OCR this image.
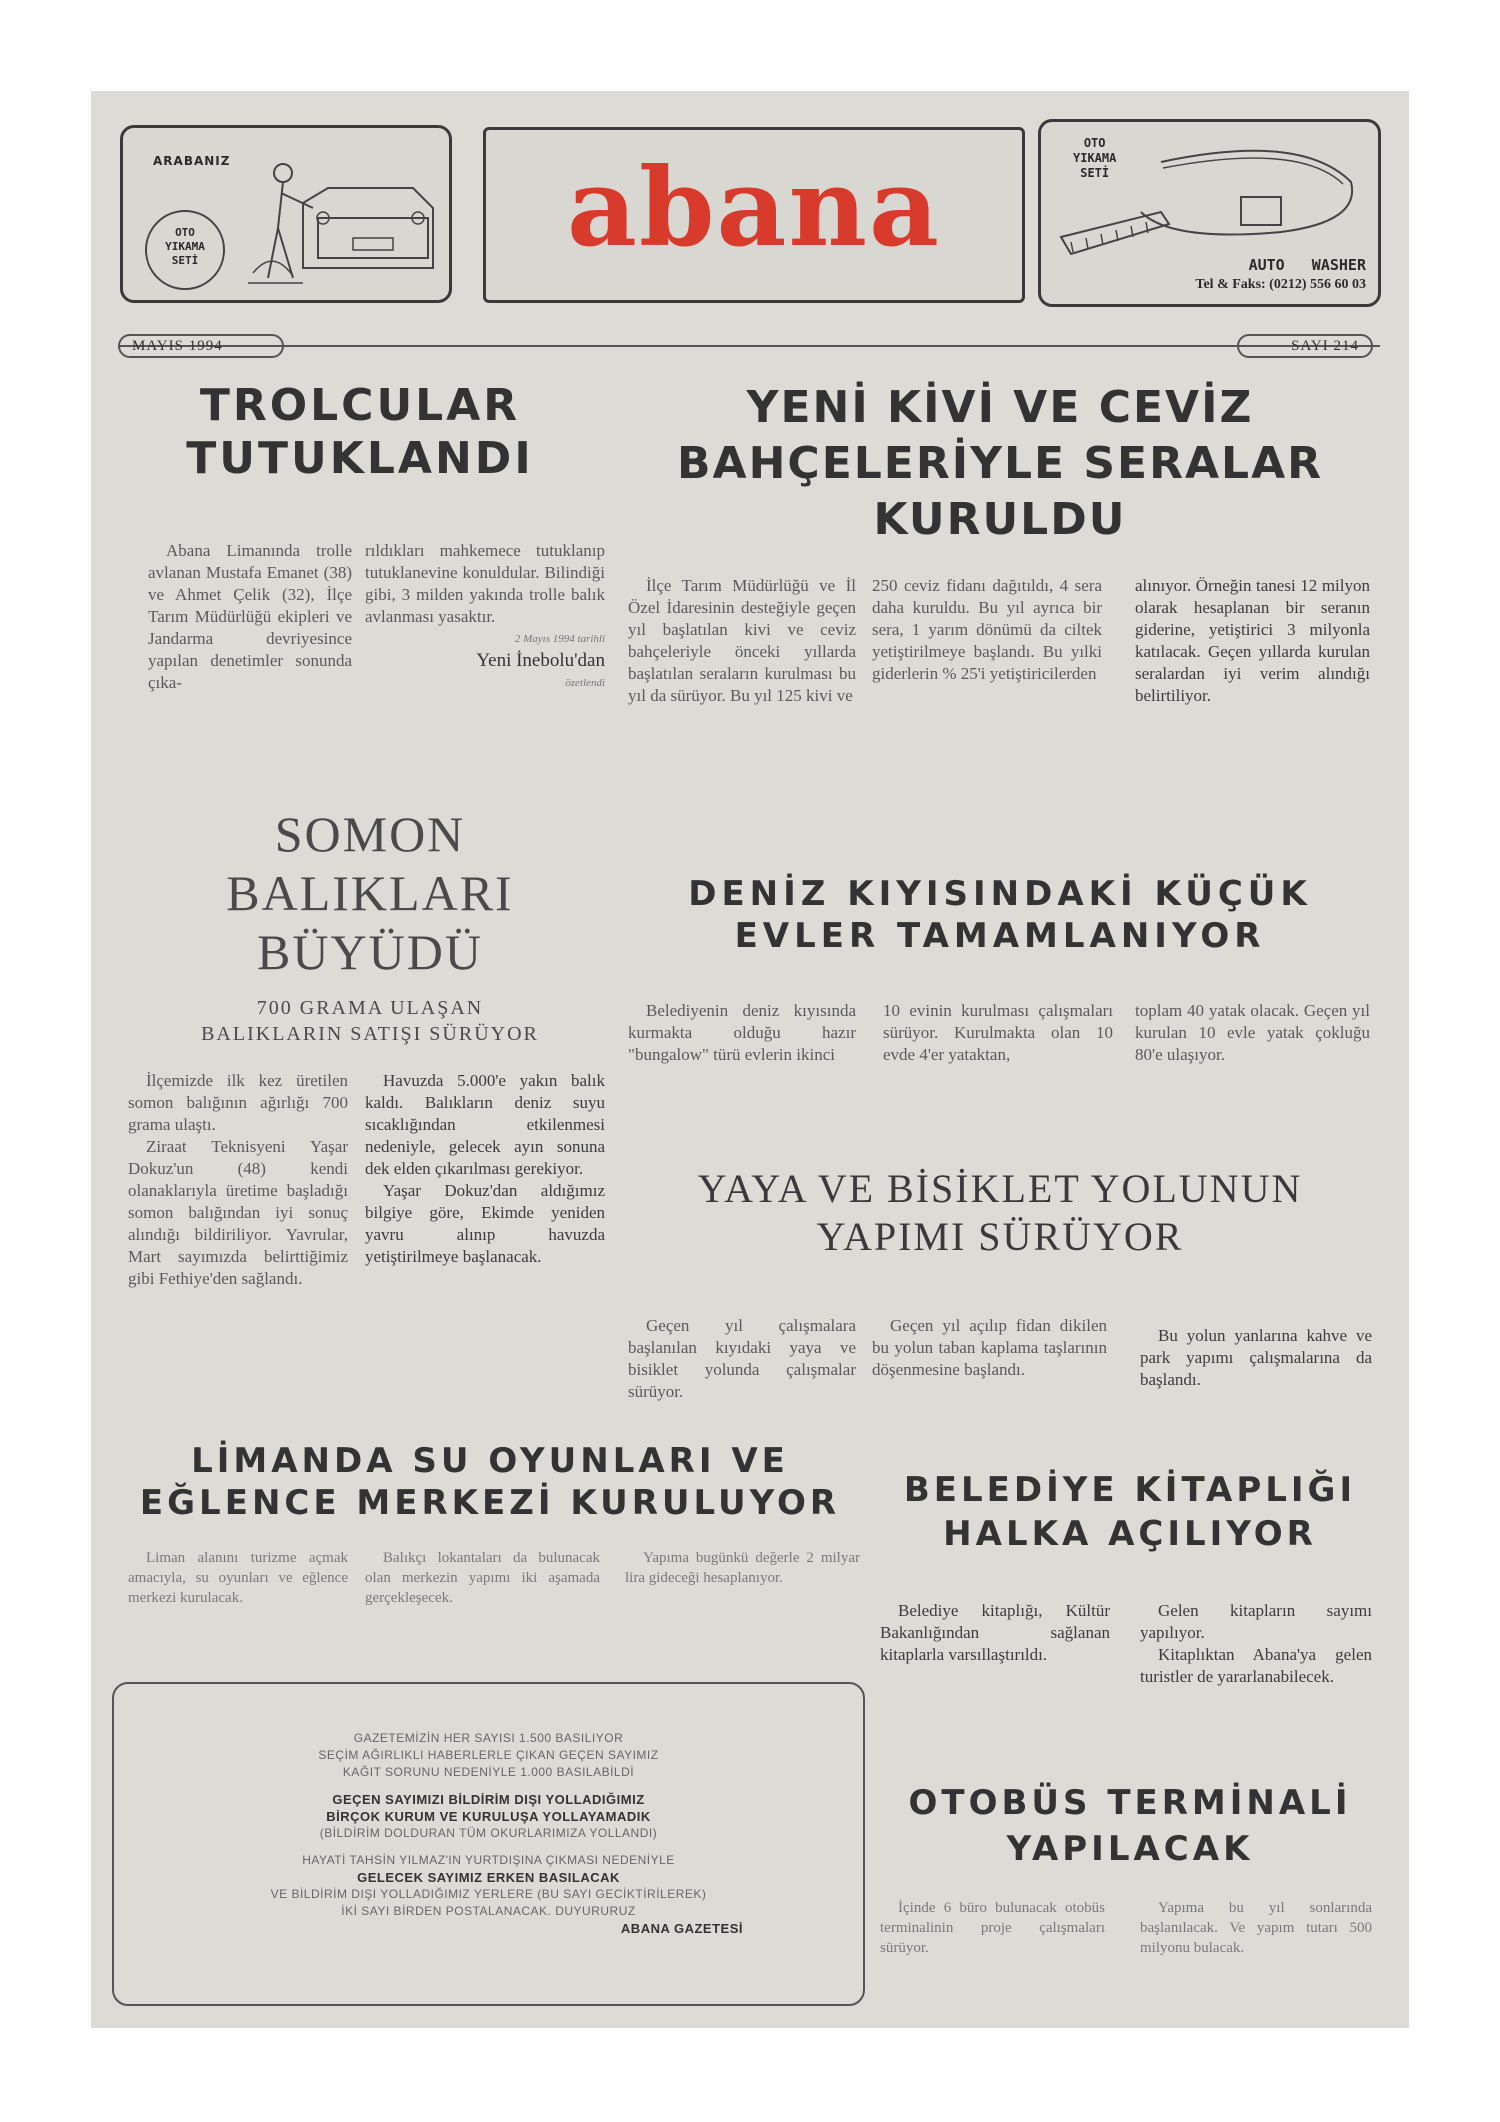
ARABANIZ
OTO
YIKAMA
SETİ	abana
OTO
YIKAMA
SETİ
AUTO   WASHER
Tel & Faks: (0212) 556 60 03
MAYIS 1994	SAYI 214
TROLCULAR
TUTUKLANDI

Abana Limanında trolle avlanan Mustafa Emanet (38) ve Ahmet Çelik (32), İlçe Tarım Müdürlüğü ekipleri ve Jandarma devriyesince yapılan denetimler sonunda çıka-

rıldıkları mahkemece tutuklanıp tutuklanevine konuldular. Bilindiği gibi, 3 milden yakında trolle balık avlanması yasaktır.

2 Mayıs 1994 tarihli
Yeni İnebolu'dan
özetlendi
YENİ KİVİ VE CEVİZ
BAHÇELERİYLE SERALAR
KURULDU

İlçe Tarım Müdürlüğü ve İl Özel İdaresinin desteğiyle geçen yıl başlatılan kivi ve ceviz bahçeleriyle önceki yıllarda başlatılan seraların kurulması bu yıl da sürüyor. Bu yıl 125 kivi ve

250 ceviz fidanı dağıtıldı, 4 sera daha kuruldu. Bu yıl ayrıca bir sera, 1 yarım dönümü da ciltek yetiştirilmeye başlandı. Bu yılki giderlerin % 25'i yetiştiricilerden

alınıyor. Örneğin tanesi 12 milyon olarak hesaplanan bir seranın giderine, yetiştirici 3 milyonla katılacak. Geçen yıllarda kurulan seralardan iyi verim alındığı belirtiliyor.

SOMON
BALIKLARI
BÜYÜDÜ
700 GRAMA ULAŞAN
BALIKLARIN SATIŞI SÜRÜYOR

İlçemizde ilk kez üretilen somon balığının ağırlığı 700 grama ulaştı.

Ziraat Teknisyeni Yaşar Dokuz'un (48) kendi olanaklarıyla üretime başladığı somon balığından iyi sonuç alındığı bildiriliyor. Yavrular, Mart sayımızda belirttiğimiz gibi Fethiye'den sağlandı.

Havuzda 5.000'e yakın balık kaldı. Balıkların deniz suyu sıcaklığından etkilenmesi nedeniyle, gelecek ayın sonuna dek elden çıkarılması gerekiyor.

Yaşar Dokuz'dan aldığımız bilgiye göre, Ekimde yeniden yavru alınıp havuzda yetiştirilmeye başlanacak.

DENİZ KIYISINDAKİ KÜÇÜK
EVLER TAMAMLANIYOR

Belediyenin deniz kıyısında kurmakta olduğu hazır "bungalow" türü evlerin ikinci

10 evinin kurulması çalışmaları sürüyor. Kurulmakta olan 10 evde 4'er yataktan,

toplam 40 yatak olacak. Geçen yıl kurulan 10 evle yatak çokluğu 80'e ulaşıyor.

YAYA VE BİSİKLET YOLUNUN
YAPIMI SÜRÜYOR

Geçen yıl çalışmalara başlanılan kıyıdaki yaya ve bisiklet yolunda çalışmalar sürüyor.

Geçen yıl açılıp fidan dikilen bu yolun taban kaplama taşlarının döşenmesine başlandı.

Bu yolun yanlarına kahve ve park yapımı çalışmalarına da başlandı.

LİMANDA SU OYUNLARI VE
EĞLENCE MERKEZİ KURULUYOR

Liman alanını turizme açmak amacıyla, su oyunları ve eğlence merkezi kurulacak.

Balıkçı lokantaları da bulunacak olan merkezin yapımı iki aşamada gerçekleşecek.

Yapıma bugünkü değerle 2 milyar lira gideceği hesaplanıyor.

GAZETEMİZİN HER SAYISI 1.500 BASILIYOR
SEÇİM AĞIRLIKLI HABERLERLE ÇIKAN GEÇEN SAYIMIZ
KAĞIT SORUNU NEDENİYLE 1.000 BASILABİLDİ
GEÇEN SAYIMIZI BİLDİRİM DIŞI YOLLADIĞIMIZ
BİRÇOK KURUM VE KURULUŞA YOLLAYAMADIK
(BİLDİRİM DOLDURAN TÜM OKURLARIMIZA YOLLANDI)
HAYATİ TAHSİN YILMAZ'IN YURTDIŞINA ÇIKMASI NEDENİYLE
GELECEK SAYIMIZ ERKEN BASILACAK
VE BİLDİRİM DIŞI YOLLADIĞIMIZ YERLERE (BU SAYI GECİKTİRİLEREK)
İKİ SAYI BİRDEN POSTALANACAK. DUYURURUZ
ABANA GAZETESİ
BELEDİYE KİTAPLIĞI
HALKA AÇILIYOR

Belediye kitaplığı, Kültür Bakanlığından sağlanan kitaplarla varsıllaştırıldı.

Gelen kitapların sayımı yapılıyor.

Kitaplıktan Abana'ya gelen turistler de yararlanabilecek.

OTOBÜS TERMİNALİ
YAPILACAK

İçinde 6 büro bulunacak otobüs terminalinin proje çalışmaları sürüyor.

Yapıma bu yıl sonlarında başlanılacak. Ve yapım tutarı 500 milyonu bulacak.
